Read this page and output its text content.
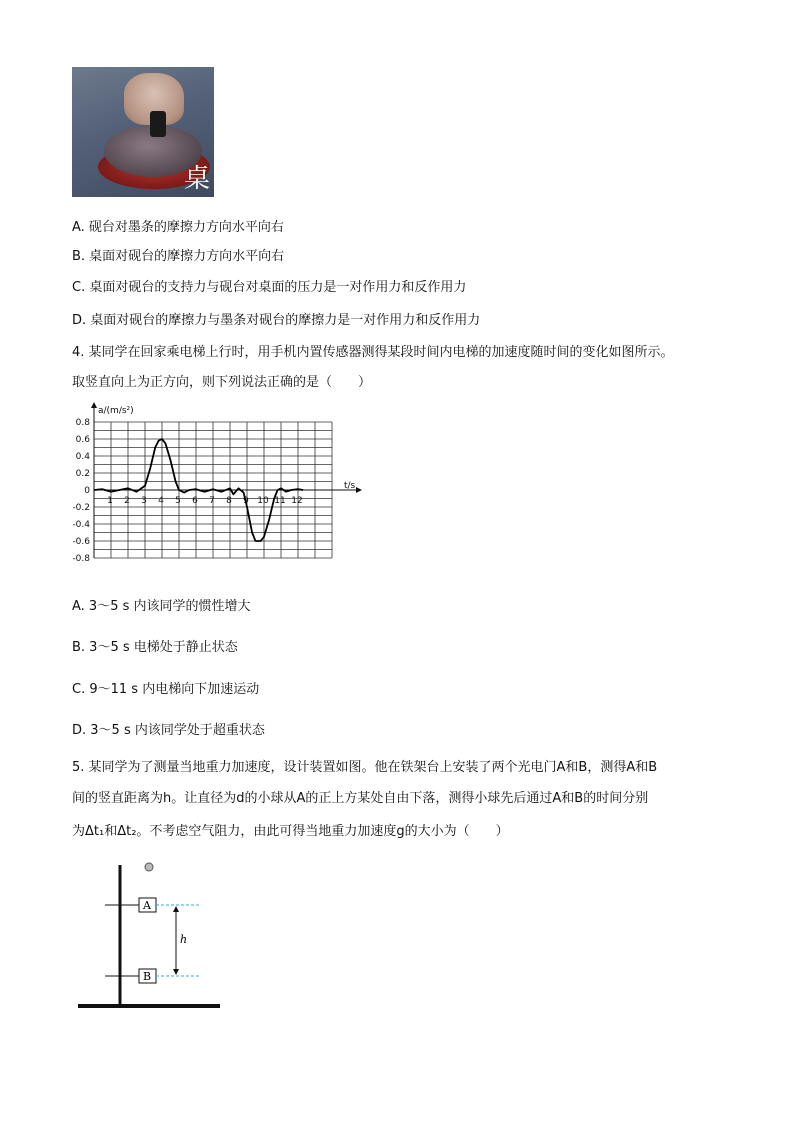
桌
A. 砚台对墨条的摩擦力方向水平向右
B. 桌面对砚台的摩擦力方向水平向右
C. 桌面对砚台的支持力与砚台对桌面的压力是一对作用力和反作用力
D. 桌面对砚台的摩擦力与墨条对砚台的摩擦力是一对作用力和反作用力
4. 某同学在回家乘电梯上行时，用手机内置传感器测得某段时间内电梯的加速度随时间的变化如图所示。
取竖直向上为正方向，则下列说法正确的是（　　）
a/(m/s²)
t/s
0.8
0.6
0.4
0.2
0
-0.2
-0.4
-0.6
-0.8
1 2 3 4 5 6 7 8 9 10 11 12
A. 3～5 s 内该同学的惯性增大
B. 3～5 s 电梯处于静止状态
C. 9～11 s 内电梯向下加速运动
D. 3～5 s 内该同学处于超重状态
5. 某同学为了测量当地重力加速度，设计装置如图。他在铁架台上安装了两个光电门A和B，测得A和B
间的竖直距离为h。让直径为d的小球从A的正上方某处自由下落，测得小球先后通过A和B的时间分别
为Δt₁和Δt₂。不考虑空气阻力，由此可得当地重力加速度g的大小为（　　）
A
B
h
